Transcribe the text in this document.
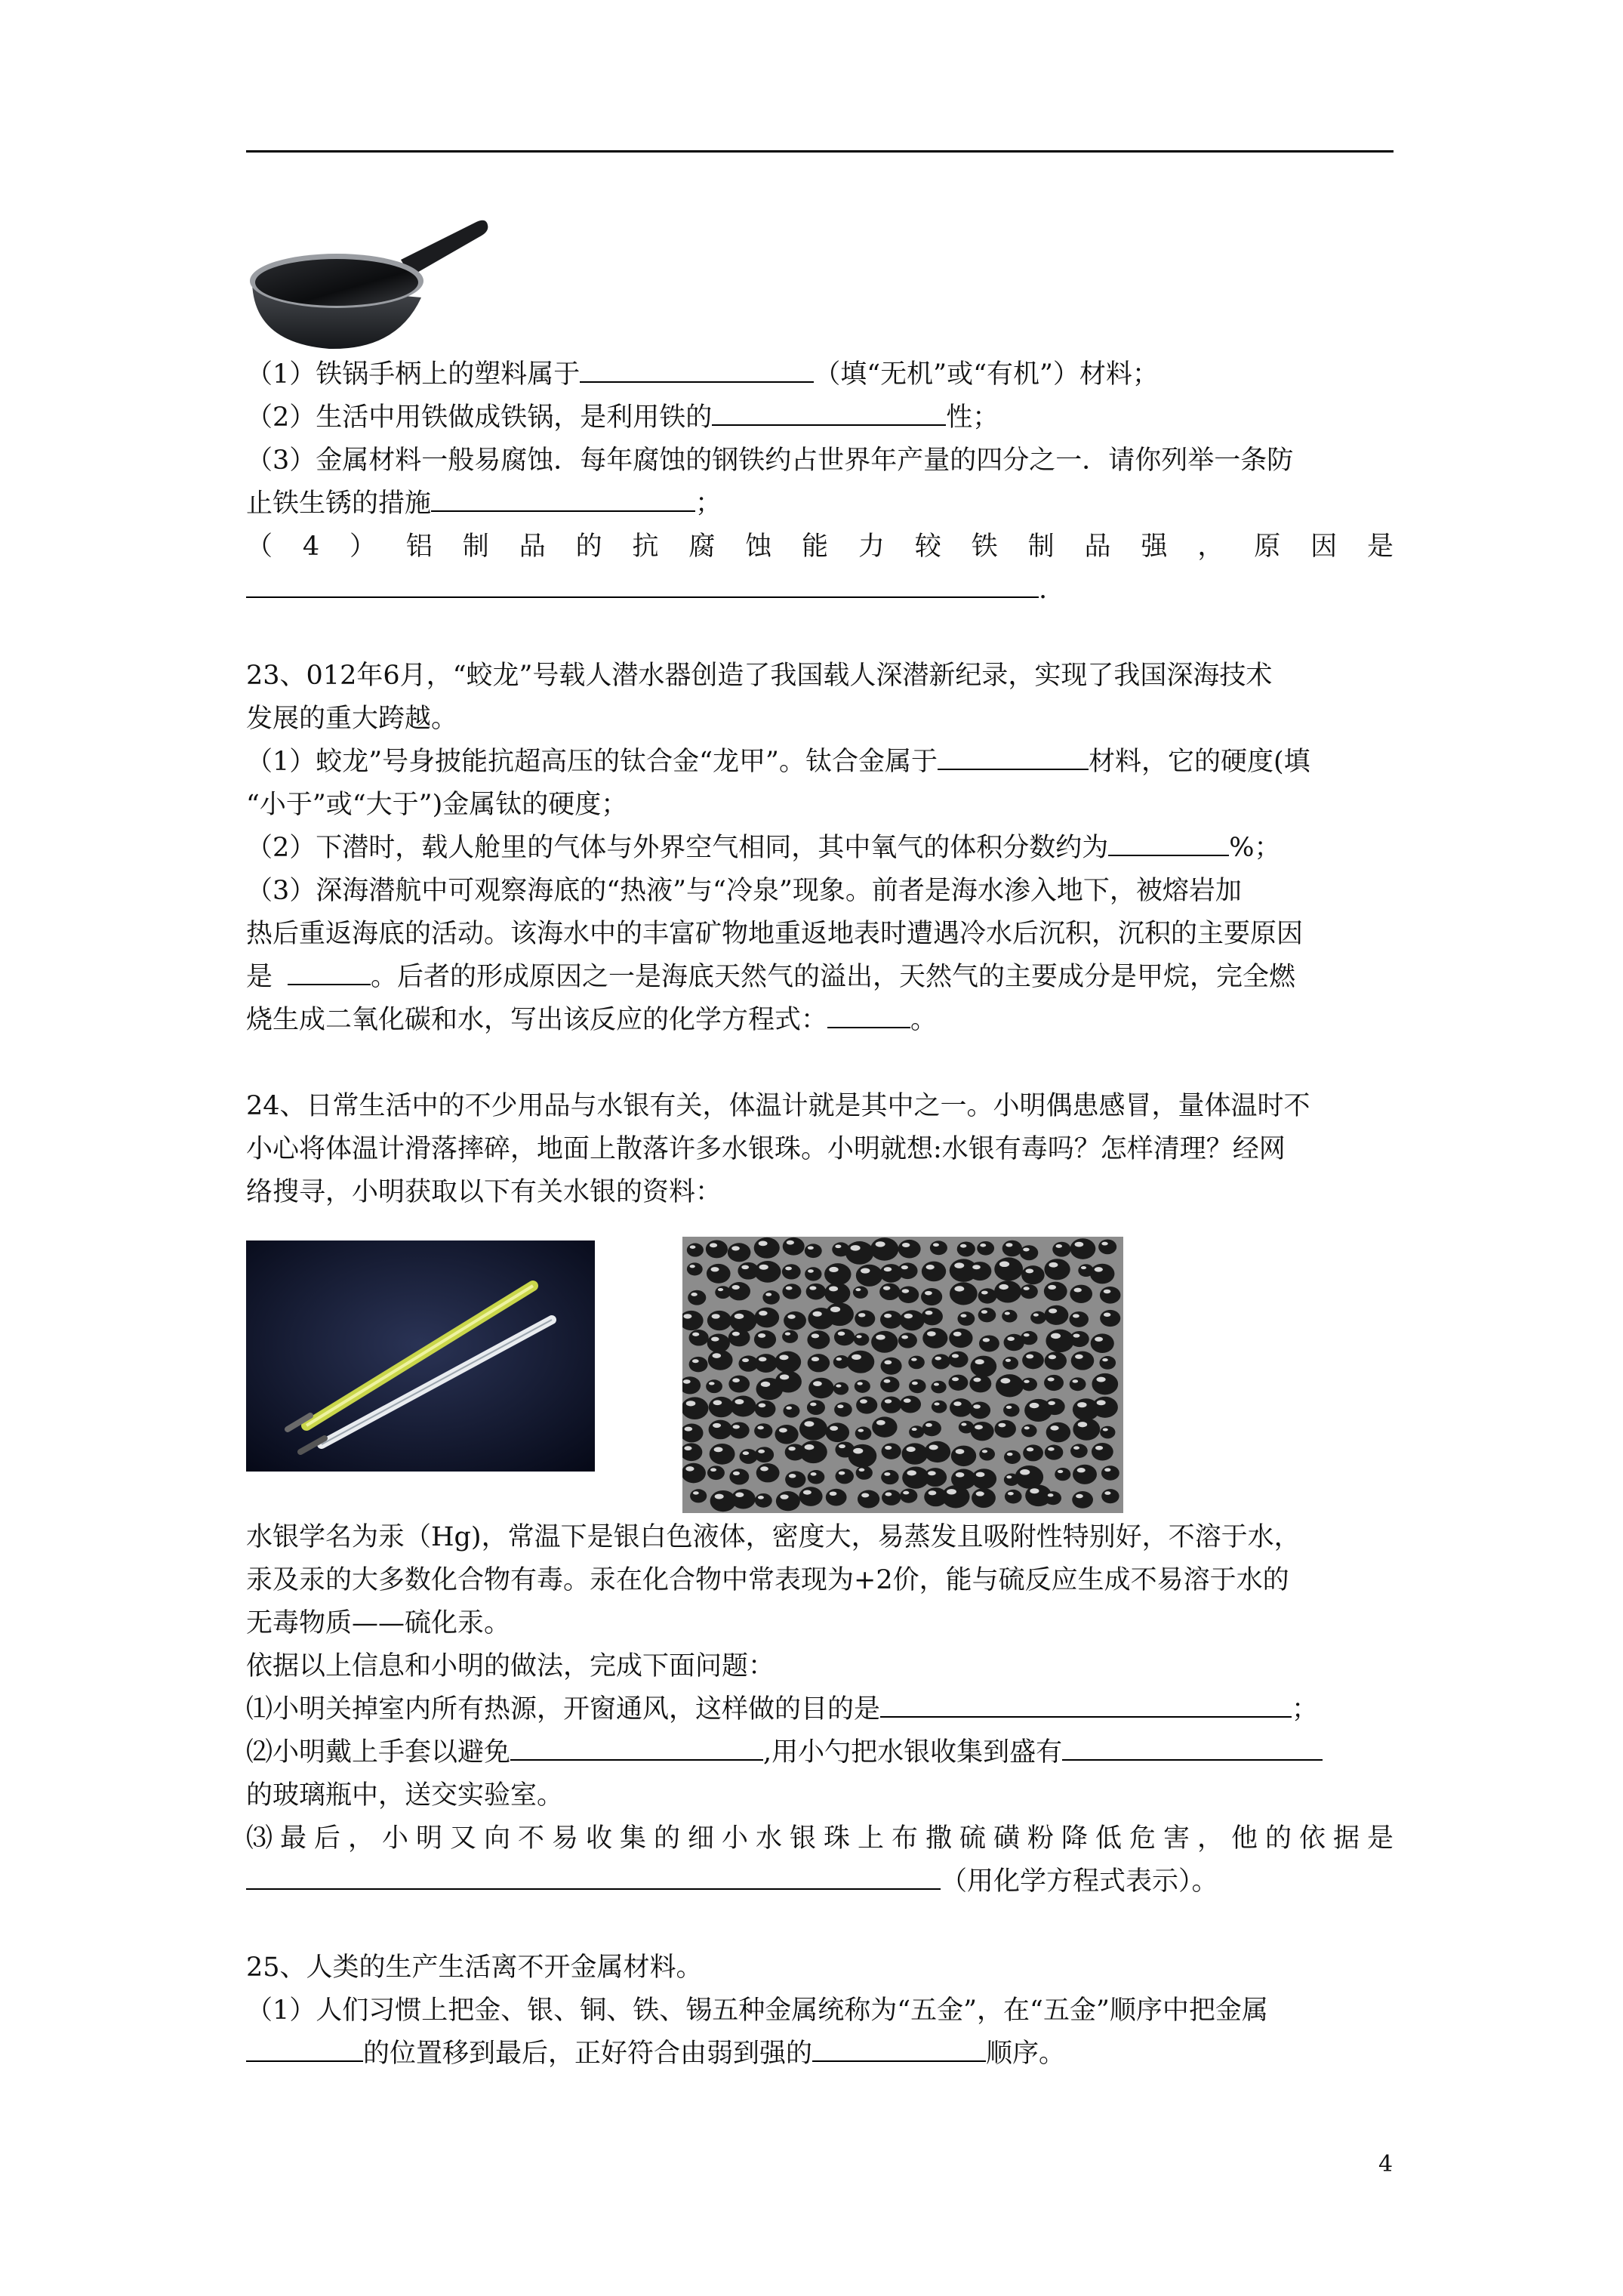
（1）铁锅手柄上的塑料属于	（填“无机”或“有机”）材料；
（2）生活中用铁做成铁锅，是利用铁的	性；
（3）金属材料一般易腐蚀．每年腐蚀的钢铁约占世界年产量的四分之一．请你列举一条防
止铁生锈的措施	；
（4）铝制品的抗腐蚀能力较铁制品强，原因是
.
23、012年6月，“蛟龙”号载人潜水器创造了我国载人深潜新纪录，实现了我国深海技术
发展的重大跨越。
（1）蛟龙”号身披能抗超高压的钛合金“龙甲”。钛合金属于	材料，它的硬度(填
“小于”或“大于”)金属钛的硬度；
（2）下潜时，载人舱里的气体与外界空气相同，其中氧气的体积分数约为	%；
（3）深海潜航中可观察海底的“热液”与“冷泉”现象。前者是海水渗入地下，被熔岩加
热后重返海底的活动。该海水中的丰富矿物地重返地表时遭遇冷水后沉积，沉积的主要原因
是	。后者的形成原因之一是海底天然气的溢出，天然气的主要成分是甲烷，完全燃
烧生成二氧化碳和水，写出该反应的化学方程式：	。
24、日常生活中的不少用品与水银有关，体温计就是其中之一。小明偶患感冒，量体温时不
小心将体温计滑落摔碎，地面上散落许多水银珠。小明就想:水银有毒吗？怎样清理？经网
络搜寻，小明获取以下有关水银的资料：
水银学名为汞（Hg)，常温下是银白色液体，密度大，易蒸发且吸附性特别好，不溶于水，
汞及汞的大多数化合物有毒。汞在化合物中常表现为+2价，能与硫反应生成不易溶于水的
无毒物质——硫化汞。
依据以上信息和小明的做法，完成下面问题：
⑴小明关掉室内所有热源，开窗通风，这样做的目的是	；
⑵小明戴上手套以避免	,用小勺把水银收集到盛有
的玻璃瓶中，送交实验室。
⑶最后，小明又向不易收集的细小水银珠上布撒硫磺粉降低危害，他的依据是
（用化学方程式表示）。
25、人类的生产生活离不开金属材料。
（1）人们习惯上把金、银、铜、铁、锡五种金属统称为“五金”，在“五金”顺序中把金属
的位置移到最后，正好符合由弱到强的	顺序。
4
